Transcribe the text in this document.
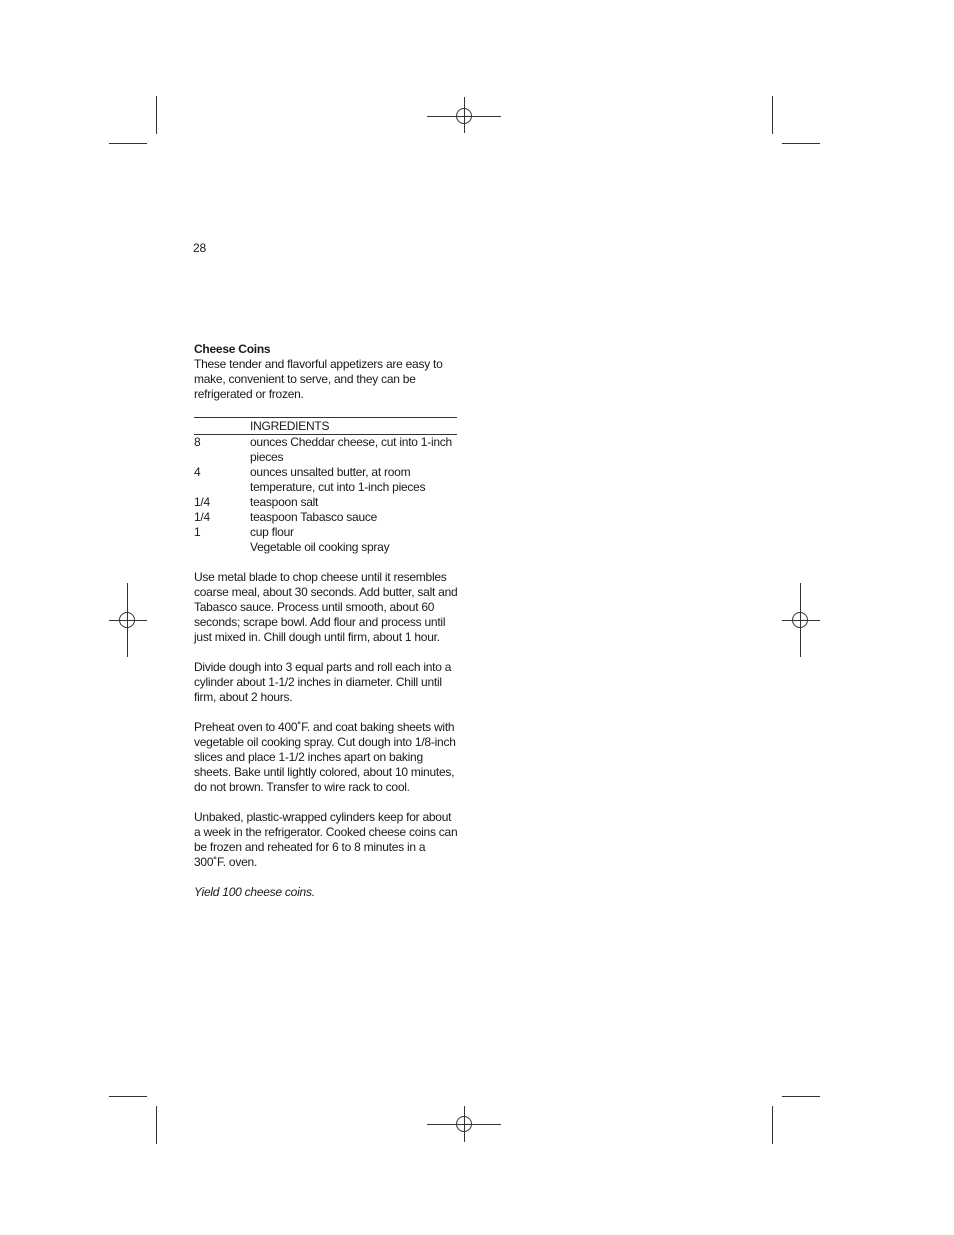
28

Cheese Coins

These tender and flavorful appetizers are easy to make, convenient to serve, and they can be refrigerated or frozen.

	INGREDIENTS
8	ounces Cheddar cheese, cut into 1-inch pieces
4	ounces unsalted butter, at room temperature, cut into 1-inch pieces
1/4	teaspoon salt
1/4	teaspoon Tabasco sauce
1	cup flour
	Vegetable oil cooking spray

Use metal blade to chop cheese until it resembles coarse meal, about 30 seconds. Add butter, salt and Tabasco sauce. Process until smooth, about 60 seconds; scrape bowl. Add flour and process until just mixed in. Chill dough until firm, about 1 hour.

Divide dough into 3 equal parts and roll each into a cylinder about 1-1/2 inches in diameter. Chill until firm, about 2 hours.

Preheat oven to 400˚F. and coat baking sheets with vegetable oil cooking spray. Cut dough into 1/8-inch slices and place 1-1/2 inches apart on baking sheets. Bake until lightly colored, about 10 minutes, do not brown. Transfer to wire rack to cool.

Unbaked, plastic-wrapped cylinders keep for about a week in the refrigerator. Cooked cheese coins can be frozen and reheated for 6 to 8 minutes in a 300˚F. oven.

Yield 100 cheese coins.
